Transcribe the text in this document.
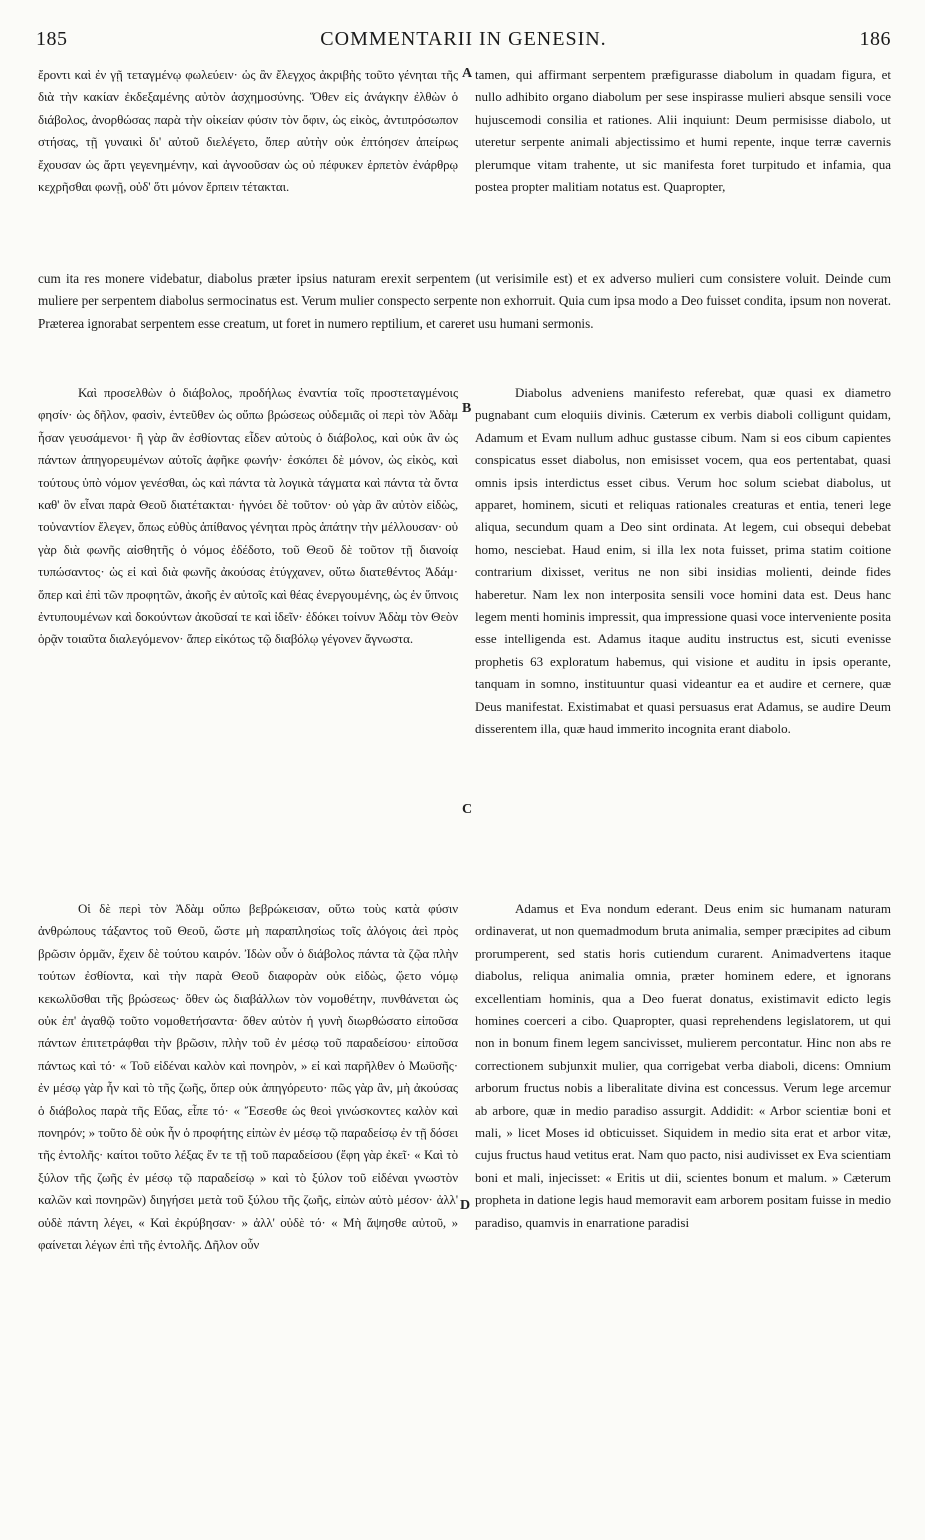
185	COMMENTARII IN GENESIN.	186

ἔροντι καὶ ἐν γῇ τεταγμένῳ φωλεύειν· ὡς ἂν ἔλεγχος ἀκριβὴς τοῦτο γένηται τῆς διὰ τὴν κακίαν ἐκδεξαμένης αὐτὸν ἀσχημοσύνης. Ὅθεν εἰς ἀνάγκην ἐλθὼν ὁ διάβολος, ἀνορθώσας παρὰ τὴν οἰκείαν φύσιν τὸν ὄφιν, ὡς εἰκὸς, ἀντιπρόσωπον στήσας, τῇ γυναικὶ δι' αὐτοῦ διελέγετο, ὅπερ αὐτὴν οὐκ ἐπτόησεν ἀπείρως ἔχουσαν ὡς ἄρτι γεγενημένην, καὶ ἀγνοοῦσαν ὡς οὐ πέφυκεν ἑρπετὸν ἐνάρθρῳ κεχρῆσθαι φωνῇ, οὐδ' ὅτι μόνον ἕρπειν τέτακται.

tamen, qui affirmant serpentem præfigurasse diabolum in quadam figura, et nullo adhibito organo diabolum per sese inspirasse mulieri absque sensili voce hujuscemodi consilia et rationes. Alii inquiunt: Deum permisisse diabolo, ut uteretur serpente animali abjectissimo et humi repente, inque terræ cavernis plerumque vitam trahente, ut sic manifesta foret turpitudo et infamia, qua postea propter malitiam notatus est. Quapropter,

cum ita res monere videbatur, diabolus præter ipsius naturam erexit serpentem (ut verisimile est) et ex adverso mulieri cum consistere voluit. Deinde cum muliere per serpentem diabolus sermocinatus est. Verum mulier conspecto serpente non exhorruit. Quia cum ipsa modo a Deo fuisset condita, ipsum non noverat. Præterea ignorabat serpentem esse creatum, ut foret in numero reptilium, et careret usu humani sermonis.

Καὶ προσελθὼν ὁ διάβολος, προδήλως ἐναντία τοῖς προστεταγμένοις φησίν· ὡς δῆλον, φασὶν, ἐντεῦθεν ὡς οὔπω βρώσεως οὐδεμιᾶς οἱ περὶ τὸν Ἀδὰμ ἦσαν γευσάμενοι· ἢ γὰρ ἂν ἐσθίοντας εἶδεν αὐτοὺς ὁ διάβολος, καὶ οὐκ ἂν ὡς πάντων ἀπηγορευμένων αὐτοῖς ἀφῆκε φωνήν· ἐσκόπει δὲ μόνον, ὡς εἰκὸς, καὶ τούτους ὑπὸ νόμον γενέσθαι, ὡς καὶ πάντα τὰ λογικὰ τάγματα καὶ πάντα τὰ ὄντα καθ' ὃν εἶναι παρὰ Θεοῦ διατέτακται· ἠγνόει δὲ τοῦτον· οὐ γὰρ ἂν αὐτὸν εἰδὼς, τοὐναντίον ἔλεγεν, ὅπως εὐθὺς ἀπίθανος γένηται πρὸς ἀπάτην τὴν μέλλουσαν· οὐ γὰρ διὰ φωνῆς αἰσθητῆς ὁ νόμος ἐδέδοτο, τοῦ Θεοῦ δὲ τοῦτον τῇ διανοίᾳ τυπώσαντος· ὡς εἰ καὶ διὰ φωνῆς ἀκούσας ἐτύγχανεν, οὕτω διατεθέντος Ἀδάμ· ὅπερ καὶ ἐπὶ τῶν προφητῶν, ἀκοῆς ἐν αὐτοῖς καὶ θέας ἐνεργουμένης, ὡς ἐν ὕπνοις ἐντυπουμένων καὶ δοκούντων ἀκοῦσαί τε καὶ ἰδεῖν· ἐδόκει τοίνυν Ἀδὰμ τὸν Θεὸν ὁρᾷν τοιαῦτα διαλεγόμενον· ἅπερ εἰκότως τῷ διαβόλῳ γέγονεν ἄγνωστα.

Diabolus adveniens manifesto referebat, quæ quasi ex diametro pugnabant cum eloquiis divinis. Cæterum ex verbis diaboli colligunt quidam, Adamum et Evam nullum adhuc gustasse cibum. Nam si eos cibum capientes conspicatus esset diabolus, non emisisset vocem, qua eos pertentabat, quasi omnis ipsis interdictus esset cibus. Verum hoc solum sciebat diabolus, ut apparet, hominem, sicuti et reliquas rationales creaturas et entia, teneri lege aliqua, secundum quam a Deo sint ordinata. At legem, cui obsequi debebat homo, nesciebat. Haud enim, si illa lex nota fuisset, prima statim coitione contrarium dixisset, veritus ne non sibi insidias molienti, deinde fides haberetur. Nam lex non interposita sensili voce homini data est. Deus hanc legem menti hominis impressit, qua impressione quasi voce interveniente posita esse intelligenda est. Adamus itaque auditu instructus est, sicuti evenisse prophetis 63 exploratum habemus, qui visione et auditu in ipsis operante, tanquam in somno, instituuntur quasi videantur ea et audire et cernere, quæ Deus manifestat. Existimabat et quasi persuasus erat Adamus, se audire Deum disserentem illa, quæ haud immerito incognita erant diabolo.

Οἱ δὲ περὶ τὸν Ἀδὰμ οὔπω βεβρώκεισαν, οὕτω τοὺς κατὰ φύσιν ἀνθρώπους τάξαντος τοῦ Θεοῦ, ὥστε μὴ παραπλησίως τοῖς ἀλόγοις ἀεὶ πρὸς βρῶσιν ὁρμᾶν, ἔχειν δὲ τούτου καιρόν. Ἰδὼν οὖν ὁ διάβολος πάντα τὰ ζῷα πλὴν τούτων ἐσθίοντα, καὶ τὴν παρὰ Θεοῦ διαφορὰν οὐκ εἰδὼς, ᾤετο νόμῳ κεκωλῦσθαι τῆς βρώσεως· ὅθεν ὡς διαβάλλων τὸν νομοθέτην, πυνθάνεται ὡς οὐκ ἐπ' ἀγαθῷ τοῦτο νομοθετήσαντα· ὅθεν αὐτὸν ἡ γυνὴ διωρθώσατο εἰποῦσα πάντων ἐπιτετράφθαι τὴν βρῶσιν, πλὴν τοῦ ἐν μέσῳ τοῦ παραδείσου· εἰποῦσα πάντως καὶ τό· « Τοῦ εἰδέναι καλὸν καὶ πονηρὸν, » εἰ καὶ παρῆλθεν ὁ Μωϋσῆς· ἐν μέσῳ γὰρ ἦν καὶ τὸ τῆς ζωῆς, ὅπερ οὐκ ἀπηγόρευτο· πῶς γὰρ ἂν, μὴ ἀκούσας ὁ διάβολος παρὰ τῆς Εὔας, εἶπε τό· « Ἔσεσθε ὡς θεοὶ γινώσκοντες καλὸν καὶ πονηρόν; » τοῦτο δὲ οὐκ ἦν ὁ προφήτης εἰπὼν ἐν μέσῳ τῷ παραδείσῳ ἐν τῇ δόσει τῆς ἐντολῆς· καίτοι τοῦτο λέξας ἔν τε τῇ τοῦ παραδείσου (ἔφη γὰρ ἐκεῖ· « Καὶ τὸ ξύλον τῆς ζωῆς ἐν μέσῳ τῷ παραδείσῳ » καὶ τὸ ξύλον τοῦ εἰδέναι γνωστὸν καλῶν καὶ πονηρῶν) διηγήσει μετὰ τοῦ ξύλου τῆς ζωῆς, εἰπὼν αὐτὸ μέσον· ἀλλ' οὐδὲ πάντη λέγει, « Καὶ ἐκρύβησαν· » ἀλλ' οὐδὲ τό· « Μὴ ἅψησθε αὐτοῦ, » φαίνεται λέγων ἐπὶ τῆς ἐντολῆς. Δῆλον οὖν

Adamus et Eva nondum ederant. Deus enim sic humanam naturam ordinaverat, ut non quemadmodum bruta animalia, semper præcipites ad cibum prorumperent, sed statis horis cutiendum curarent. Animadvertens itaque diabolus, reliqua animalia omnia, præter hominem edere, et ignorans excellentiam hominis, qua a Deo fuerat donatus, existimavit edicto legis homines coerceri a cibo. Quapropter, quasi reprehendens legislatorem, ut qui non in bonum finem legem sancivisset, mulierem percontatur. Hinc non abs re correctionem subjunxit mulier, qua corrigebat verba diaboli, dicens: Omnium arborum fructus nobis a liberalitate divina est concessus. Verum lege arcemur ab arbore, quæ in medio paradiso assurgit. Addidit: « Arbor scientiæ boni et mali, » licet Moses id obticuisset. Siquidem in medio sita erat et arbor vitæ, cujus fructus haud vetitus erat. Nam quo pacto, nisi audivisset ex Eva scientiam boni et mali, injecisset: « Eritis ut dii, scientes bonum et malum. » Cæterum propheta in datione legis haud memoravit eam arborem positam fuisse in medio paradiso, quamvis in enarratione paradisi

A
B
C
D
